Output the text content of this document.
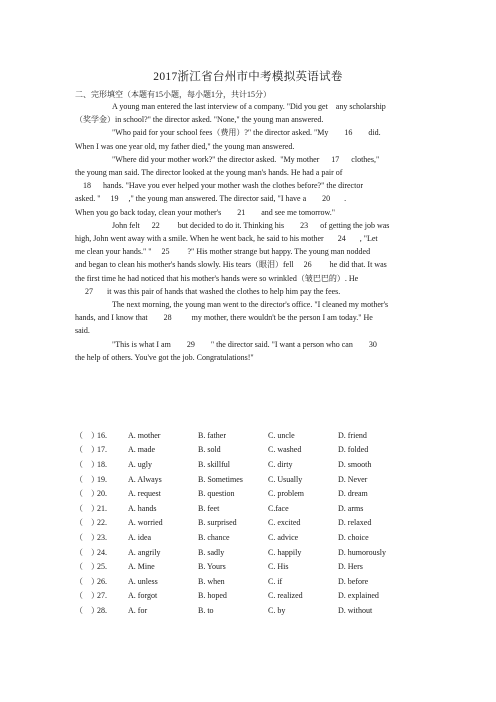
2017浙江省台州市中考模拟英语试卷
二、完形填空（本题有15小题，每小题1分，共计15分）
A young man entered the last interview of a company. "Did you get    any scholarship
（奖学金）in school?" the director asked. "None," the young man answered.
"Who paid for your school fees（费用）?" the director asked. "My        16        did.
When I was one year old, my father died," the young man answered.
"Where did your mother work?" the director asked.  "My mother      17      clothes,"
the young man said. The director looked at the young man's hands. He had a pair of
18      hands. "Have you ever helped your mother wash the clothes before?" the director
asked. "     19     ," the young man answered. The director said, "I have a        20       .
When you go back today, clean your mother's        21        and see me tomorrow."
John felt      22         but decided to do it. Thinking his        23      of getting the job was
high, John went away with a smile. When he went back, he said to his mother       24       , "Let
me clean your hands." "     25         ?" His mother strange but happy. The young man nodded
and began to clean his mother's hands slowly. His tears（眼泪）fell     26         he did that. It was
the first time he had noticed that his mother's hands were so wrinkled（皱巴巴的）. He
27       it was this pair of hands that washed the clothes to help him pay the fees.
The next morning, the young man went to the director's office. "I cleaned my mother's
hands, and I know that        28          my mother, there wouldn't be the person I am today." He
said.
"This is what I am        29        " the director said. "I want a person who can        30
the help of others. You've got the job. Congratulations!"
（    ）
16.	A. mother	B. father	C. uncle	D. friend
（    ）
17.	A. made	B. sold	C. washed	D. folded
（    ）
18.	A. ugly	B. skillful	C. dirty	D. smooth
（    ）
19.	A. Always	B. Sometimes	C. Usually	D. Never
（    ）
20.	A. request	B. question	C. problem	D. dream
（    ）
21.	A. hands	B. feet	C.face	D. arms
（    ）
22.	A. worried	B. surprised	C. excited	D. relaxed
（    ）
23.	A. idea	B. chance	C. advice	D. choice
（    ）
24.	A. angrily	B. sadly	C. happily	D. humorously
（    ）
25.	A. Mine	B. Yours	C. His	D. Hers
（    ）
26.	A. unless	B. when	C. if	D. before
（    ）
27.	A. forgot	B. hoped	C. realized	D. explained
（    ）
28.	A. for	B. to	C. by	D. without
